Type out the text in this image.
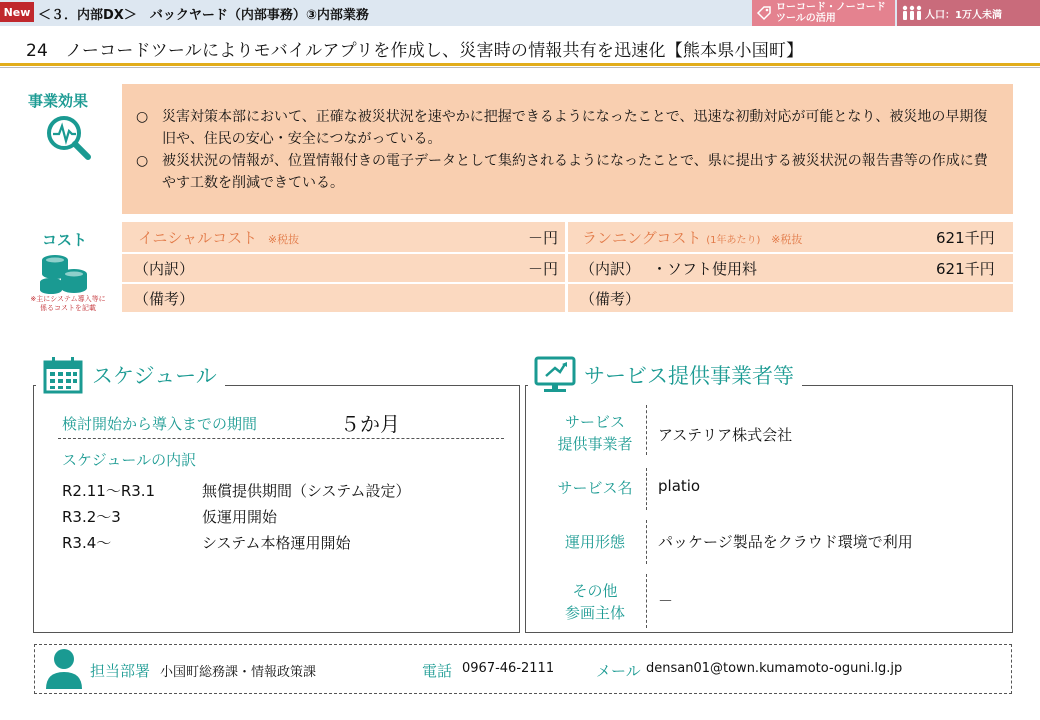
New ＜３．内部DX＞　バックヤード（内部事務）③内部業務
ローコード・ノーコード
ツールの活用	人口：1万人未満
24　ノーコードツールによりモバイルアプリを作成し、災害時の情報共有を迅速化【熊本県小国町】
事業効果
○ 災害対策本部において、正確な被災状況を速やかに把握できるようになったことで、迅速な初動対応が可能となり、被災地の早期復旧や、住民の安心・安全につながっている。
○ 被災状況の情報が、位置情報付きの電子データとして集約されるようになったことで、県に提出する被災状況の報告書等の作成に費やす工数を削減できている。
コスト
※主にシステム導入等に係るコストを記載
イニシャルコスト ※税抜	－円
（内訳）	－円
（備考）
ランニングコスト (1年あたり) ※税抜	621千円
（内訳） ・ソフト使用料	621千円
（備考）
スケジュール
検討開始から導入までの期間	５か月
スケジュールの内訳
R2.11～R3.1	無償提供期間（システム設定）
R3.2～3	仮運用開始
R3.4～	システム本格運用開始
サービス提供事業者等
サービス
提供事業者	アステリア株式会社
サービス名	platio
運用形態	パッケージ製品をクラウド環境で利用
その他
参画主体
－
担当部署 小国町総務課・情報政策課	電話 0967-46-2111	メール densan01@town.kumamoto-oguni.lg.jp
